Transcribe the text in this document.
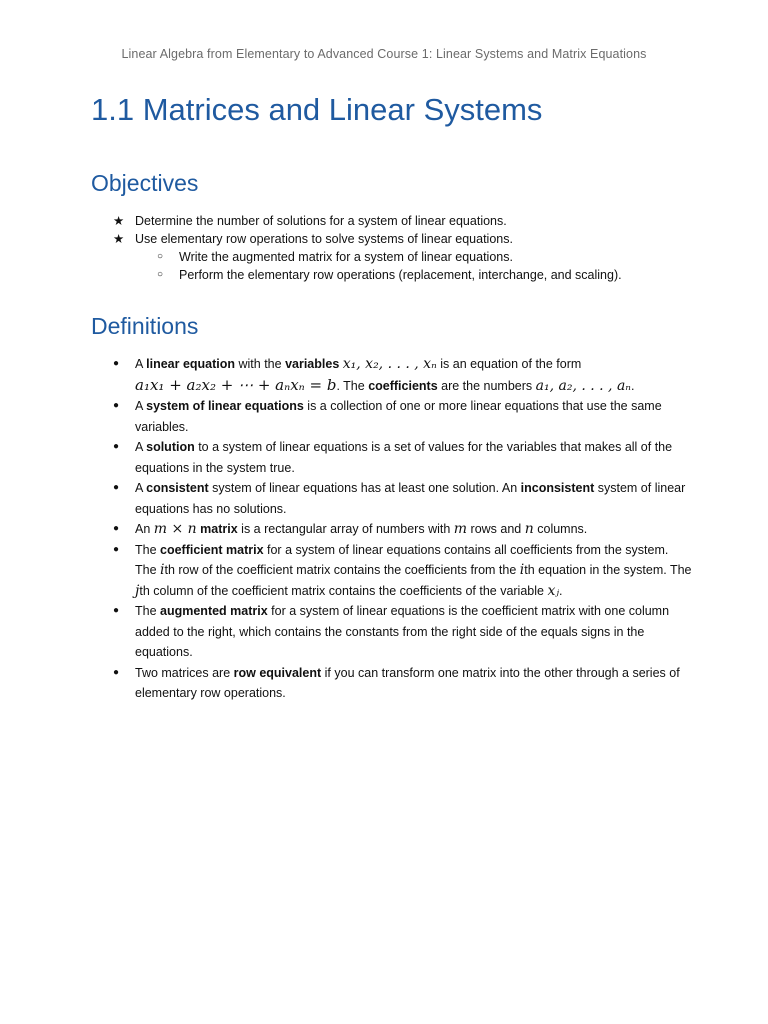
Linear Algebra from Elementary to Advanced Course 1: Linear Systems and Matrix Equations
1.1 Matrices and Linear Systems
Objectives
★ Determine the number of solutions for a system of linear equations.
★ Use elementary row operations to solve systems of linear equations.
○	Write the augmented matrix for a system of linear equations.
○	Perform the elementary row operations (replacement, interchange, and scaling).
Definitions
●	A linear equation with the variables x₁, x₂, . . . , xₙ is an equation of the form
a₁x₁ + a₂x₂ + ⋯ + aₙxₙ = b. The coefficients are the numbers a₁, a₂, . . . , aₙ.
●	A system of linear equations is a collection of one or more linear equations that use the same variables.
●	A solution to a system of linear equations is a set of values for the variables that makes all of the equations in the system true.
●	A consistent system of linear equations has at least one solution. An inconsistent system of linear equations has no solutions.
●	An m × n matrix is a rectangular array of numbers with m rows and n columns.
●	The coefficient matrix for a system of linear equations contains all coefficients from the system. The ith row of the coefficient matrix contains the coefficients from the ith equation in the system. The jth column of the coefficient matrix contains the coefficients of the variable xⱼ.
●	The augmented matrix for a system of linear equations is the coefficient matrix with one column added to the right, which contains the constants from the right side of the equals signs in the equations.
●	Two matrices are row equivalent if you can transform one matrix into the other through a series of elementary row operations.
